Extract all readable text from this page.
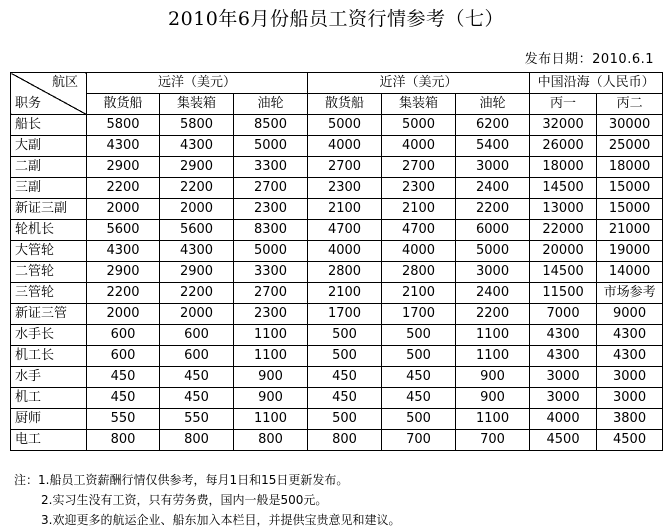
2010年6月份船员工资行情参考（七）
发布日期：2010.6.1
航区
职务	远洋（美元）			近洋（美元）			中国沿海（人民币）	
	散货船	集装箱	油轮	散货船	集装箱	油轮	丙一	丙二
船长	5800	5800	8500	5000	5000	6200	32000	30000
大副	4300	4300	5000	4000	4000	5400	26000	25000
二副	2900	2900	3300	2700	2700	3000	18000	18000
三副	2200	2200	2700	2300	2300	2400	14500	15000
新证三副	2000	2000	2300	2100	2100	2200	13000	15000
轮机长	5600	5600	8300	4700	4700	6000	22000	21000
大管轮	4300	4300	5000	4000	4000	5000	20000	19000
二管轮	2900	2900	3300	2800	2800	3000	14500	14000
三管轮	2200	2200	2700	2100	2100	2400	11500	市场参考
新证三管	2000	2000	2300	1700	1700	2200	7000	9000
水手长	600	600	1100	500	500	1100	4300	4300
机工长	600	600	1100	500	500	1100	4300	4300
水手	450	450	900	450	450	900	3000	3000
机工	450	450	900	450	450	900	3000	3000
厨师	550	550	1100	500	500	1100	4000	3800
电工	800	800	800	800	700	700	4500	4500
注：1.船员工资薪酬行情仅供参考，每月1日和15日更新发布。
2.实习生没有工资，只有劳务费，国内一般是500元。
3.欢迎更多的航运企业、船东加入本栏目，并提供宝贵意见和建议。
